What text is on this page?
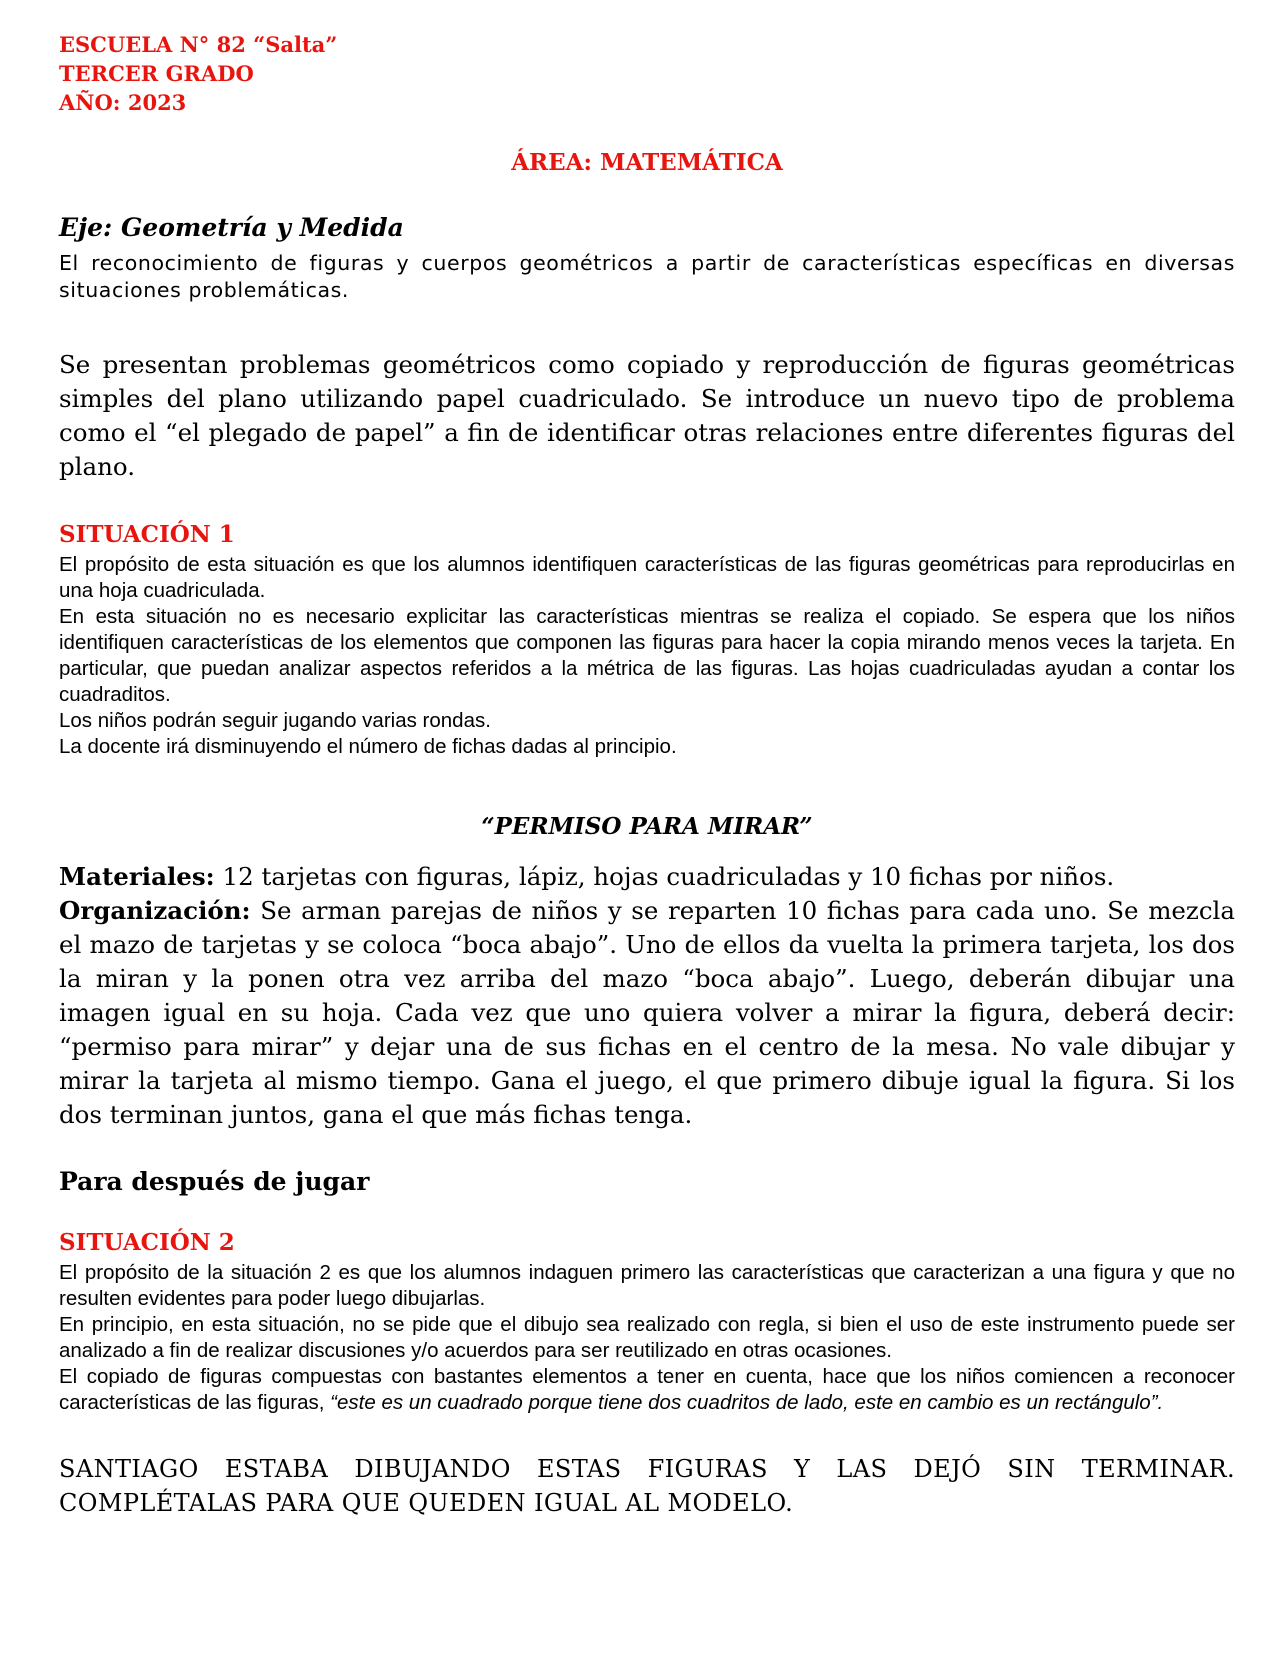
ESCUELA N° 82 “Salta”

TERCER GRADO

AÑO: 2023

ÁREA: MATEMÁTICA

Eje: Geometría y Medida

El reconocimiento de figuras y cuerpos geométricos a partir de características específicas en diversas situaciones problemáticas.

Se presentan problemas geométricos como copiado y reproducción de figuras geométricas simples del plano utilizando papel cuadriculado. Se introduce un nuevo tipo de problema como el “el plegado de papel” a fin de identificar otras relaciones entre diferentes figuras del plano.

SITUACIÓN 1

El propósito de esta situación es que los alumnos identifiquen características de las figuras geométricas para reproducirlas en una hoja cuadriculada.

En esta situación no es necesario explicitar las características mientras se realiza el copiado. Se espera que los niños identifiquen características de los elementos que componen las figuras para hacer la copia mirando menos veces la tarjeta. En particular, que puedan analizar aspectos referidos a la métrica de las figuras. Las hojas cuadriculadas ayudan a contar los cuadraditos.

Los niños podrán seguir jugando varias rondas.

La docente irá disminuyendo el número de fichas dadas al principio.

“PERMISO PARA MIRAR”

Materiales: 12 tarjetas con figuras, lápiz, hojas cuadriculadas y 10 fichas por niños.

Organización: Se arman parejas de niños y se reparten 10 fichas para cada uno. Se mezcla el mazo de tarjetas y se coloca “boca abajo”. Uno de ellos da vuelta la primera tarjeta, los dos la miran y la ponen otra vez arriba del mazo “boca abajo”. Luego, deberán dibujar una imagen igual en su hoja. Cada vez que uno quiera volver a mirar la figura, deberá decir: “permiso para mirar” y dejar una de sus fichas en el centro de la mesa. No vale dibujar y mirar la tarjeta al mismo tiempo. Gana el juego, el que primero dibuje igual la figura. Si los dos terminan juntos, gana el que más fichas tenga.

Para después de jugar

SITUACIÓN 2

El propósito de la situación 2 es que los alumnos indaguen primero las características que caracterizan a una figura y que no resulten evidentes para poder luego dibujarlas.

En principio, en esta situación, no se pide que el dibujo sea realizado con regla, si bien el uso de este instrumento puede ser analizado a fin de realizar discusiones y/o acuerdos para ser reutilizado en otras ocasiones.

El copiado de figuras compuestas con bastantes elementos a tener en cuenta, hace que los niños comiencen a reconocer características de las figuras, “este es un cuadrado porque tiene dos cuadritos de lado, este en cambio es un rectángulo”.

SANTIAGO ESTABA DIBUJANDO ESTAS FIGURAS Y LAS DEJÓ SIN TERMINAR. COMPLÉTALAS PARA QUE QUEDEN IGUAL AL MODELO.
